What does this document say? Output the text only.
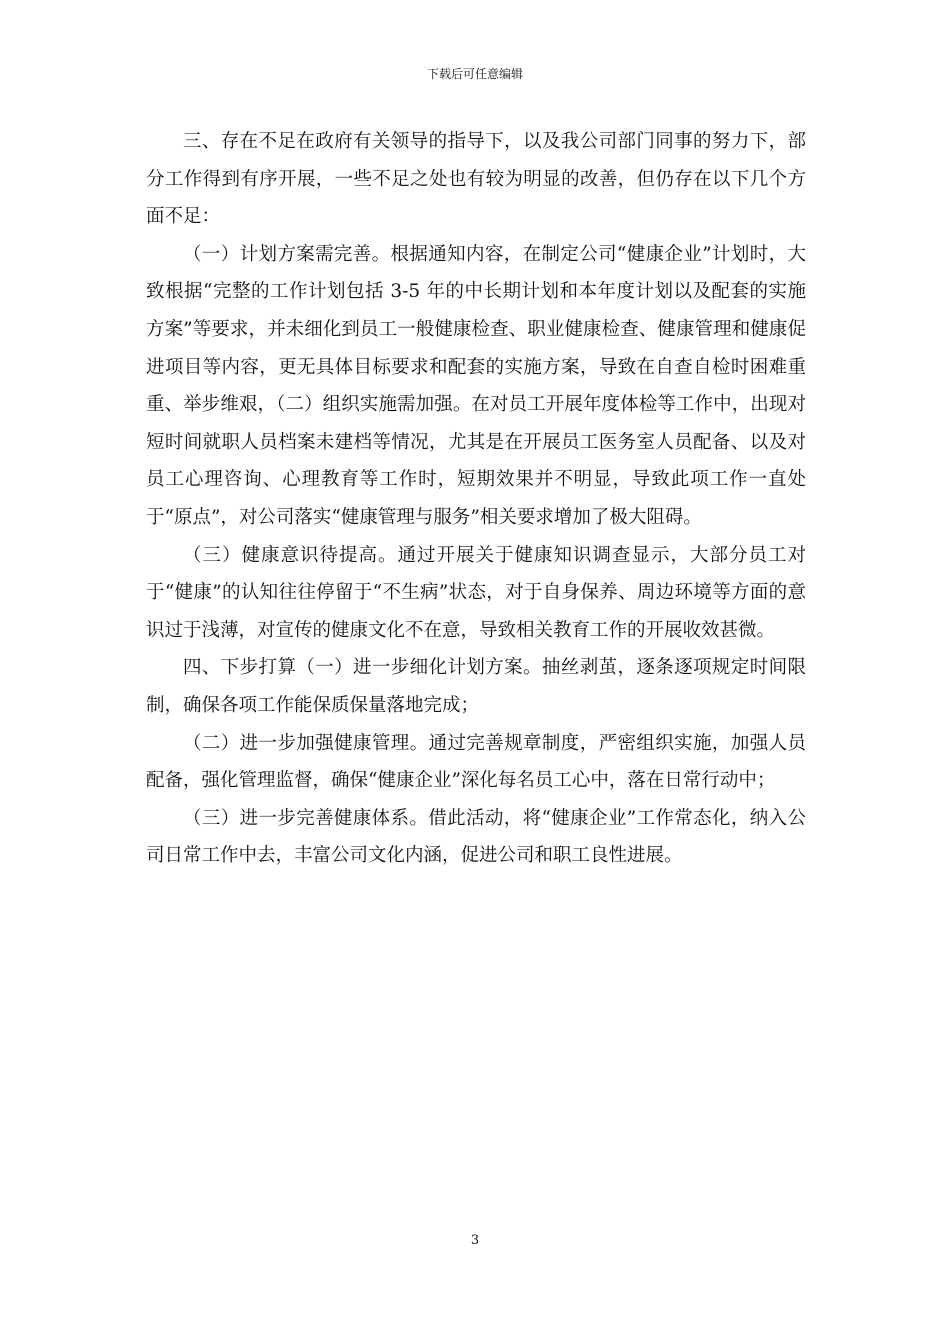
下载后可任意编辑

三、存在不足在政府有关领导的指导下，以及我公司部门同事的努力下，部分工作得到有序开展，一些不足之处也有较为明显的改善，但仍存在以下几个方面不足：

（一）计划方案需完善。根据通知内容，在制定公司“健康企业”计划时，大致根据“完整的工作计划包括 3-5 年的中长期计划和本年度计划以及配套的实施方案”等要求，并未细化到员工一般健康检查、职业健康检查、健康管理和健康促进项目等内容，更无具体目标要求和配套的实施方案，导致在自查自检时困难重重、举步维艰，（二）组织实施需加强。在对员工开展年度体检等工作中，出现对短时间就职人员档案未建档等情况，尤其是在开展员工医务室人员配备、以及对员工心理咨询、心理教育等工作时，短期效果并不明显，导致此项工作一直处于“原点”，对公司落实“健康管理与服务”相关要求增加了极大阻碍。

（三）健康意识待提高。通过开展关于健康知识调查显示，大部分员工对于“健康”的认知往往停留于“不生病”状态，对于自身保养、周边环境等方面的意识过于浅薄，对宣传的健康文化不在意，导致相关教育工作的开展收效甚微。

四、下步打算（一）进一步细化计划方案。抽丝剥茧，逐条逐项规定时间限制，确保各项工作能保质保量落地完成；

（二）进一步加强健康管理。通过完善规章制度，严密组织实施，加强人员配备，强化管理监督，确保“健康企业”深化每名员工心中，落在日常行动中；

（三）进一步完善健康体系。借此活动，将“健康企业”工作常态化，纳入公司日常工作中去，丰富公司文化内涵，促进公司和职工良性进展。

3
